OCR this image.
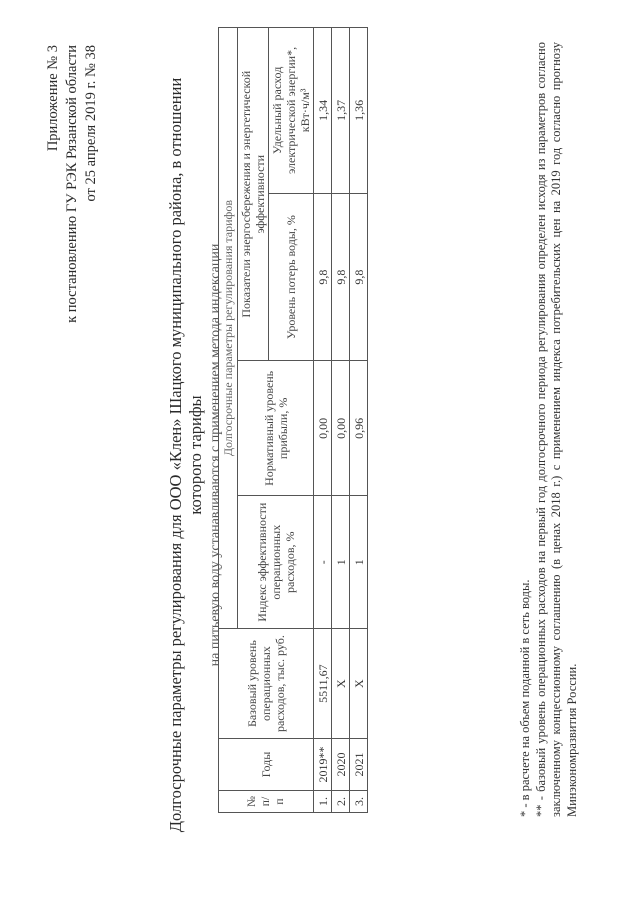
Приложение № 3 к постановлению ГУ РЭК Рязанской области от 25 апреля 2019 г. № 38	Долгосрочные параметры регулирования для ООО «Клен» Шацкого муниципального района, в отношении которого тарифы на питьевую воду устанавливаются с применением метода индексации
№ п/п	Годы	Базовый уровень операционных расходов, тыс. руб.	Долгосрочные параметры регулирования тарифов			
			Индекс эффективности операционных расходов, %	Нормативный уровень прибыли, %	Показатели энергосбережения и энергетической эффективности	
					Уровень потерь воды, %	Удельный расход электрической энергии*, кВт·ч/м³
1.	2019**	5511,67	-	0,00	9,8	1,34
2.	2020	X	1	0,00	9,8	1,37
3.	2021	X	1	0,96	9,8	1,36

* - в расчете на объем поданной в сеть воды. ** - базовый уровень операционных расходов на первый год долгосрочного периода регулирования определен исходя из параметров согласно заключенному концессионному соглашению (в ценах 2018 г.) с применением индекса потребительских цен на 2019 год согласно прогнозу Минэкономразвития России.
